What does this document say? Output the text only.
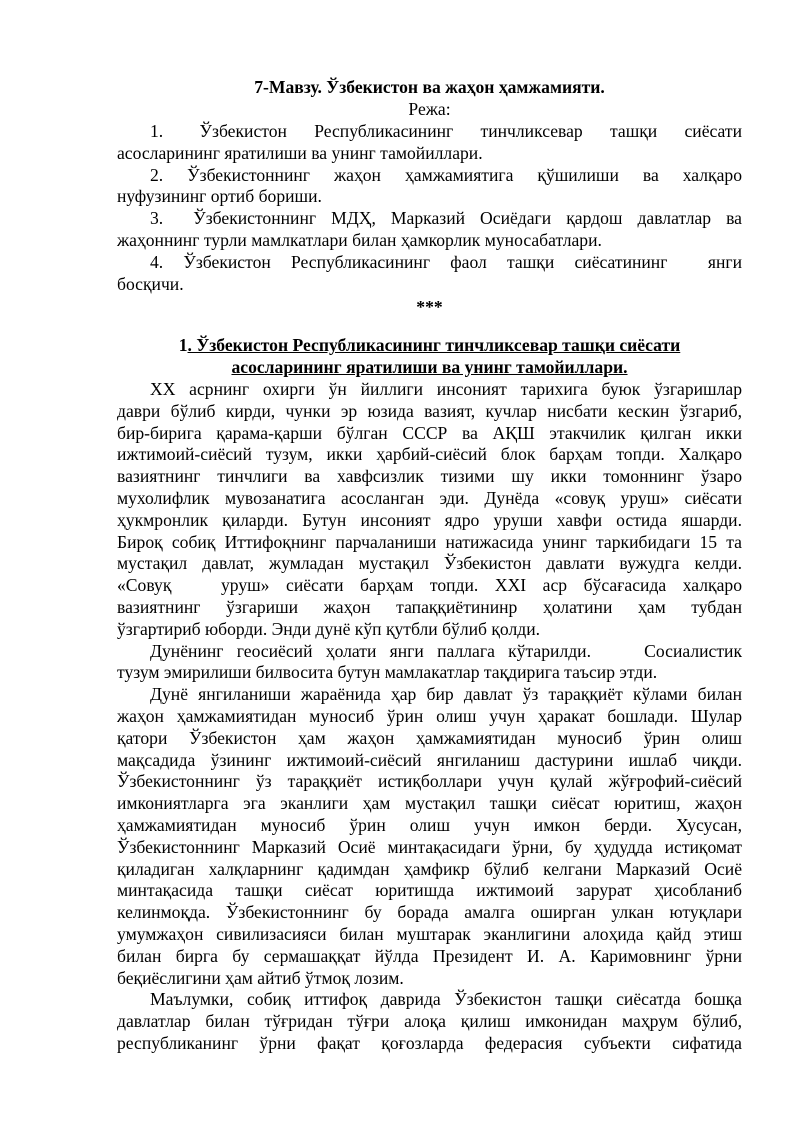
7-Мавзу. Ўзбекистон ва жаҳон ҳамжамияти.
Режа:

1.    Ўзбекистон   Республикасининг   тинчликсевар   ташқи   сиёсати

асосларининг яратилиши ва унинг тамойиллари.

2. Ўзбекистоннинг жаҳон ҳамжамиятига қўшилиши ва халқаро

нуфузининг ортиб бориши.

3.  Ўзбекистоннинг МДҲ, Марказий Осиёдаги қардош давлатлар ва

жаҳоннинг турли мамлкатлари билан ҳамкорлик муносабатлари.

4. Ўзбекистон Республикасининг фаол ташқи сиёсатининг  янги

босқичи.

***
1. Ўзбекистон Республикасининг тинчликсевар ташқи сиёсати
асосларининг яратилиши ва унинг тамойиллари.

XX асрнинг охирги ўн йиллиги инсоният тарихига буюк ўзгаришлар

даври бўлиб кирди, чунки эр юзида вазият, кучлар нисбати кескин ўзгариб,

бир-бирига қарама-қарши бўлган СССР ва АҚШ этакчилик қилган икки

ижтимоий-сиёсий тузум, икки ҳарбий-сиёсий блок барҳам топди. Халқаро

вазиятнинг тинчлиги ва хавфсизлик тизими шу икки томоннинг ўзаро

мухолифлик мувозанатига асосланган эди. Дунёда «совуқ уруш» сиёсати

ҳукмронлик қиларди. Бутун инсоният ядро уруши хавфи остида яшарди.

Бироқ собиқ Иттифоқнинг парчаланиши натижасида унинг таркибидаги 15 та

мустақил давлат, жумладан мустақил Ўзбекистон давлати вужудга келди.

«Совуқ   уруш» сиёсати барҳам топди. XXI аср бўсағасида халқаро

вазиятнинг ўзгариши жаҳон тапаққиётининр ҳолатини ҳам тубдан

ўзгартириб юборди. Энди дунё кўп қутбли бўлиб қолди.

Дунёнинг геосиёсий ҳолати янги паллага кўтарилди.    Сосиалистик

тузум эмирилиши билвосита бутун мамлакатлар тақдирига таъсир этди.

Дунё янгиланиши жараёнида ҳар бир давлат ўз тараққиёт кўлами билан

жаҳон ҳамжамиятидан муносиб ўрин олиш учун ҳаракат бошлади. Шулар

қатори Ўзбекистон ҳам жаҳон ҳамжамиятидан муносиб ўрин олиш

мақсадида ўзининг ижтимоий-сиёсий янгиланиш дастурини ишлаб чиқди.

Ўзбекистоннинг ўз тараққиёт истиқболлари учун қулай жўғрофий-сиёсий

имкониятларга эга эканлиги ҳам мустақил ташқи сиёсат юритиш, жаҳон

ҳамжамиятидан муносиб ўрин олиш учун имкон берди. Хусусан,

Ўзбекистоннинг Марказий Осиё минтақасидаги ўрни, бу ҳудудда истиқомат

қиладиган халқларнинг қадимдан ҳамфикр бўлиб келгани Марказий Осиё

минтақасида ташқи сиёсат юритишда ижтимоий зарурат ҳисобланиб

келинмоқда. Ўзбекистоннинг бу борада амалга оширган улкан ютуқлари

умумжаҳон сивилизасияси билан муштарак эканлигини алоҳида қайд этиш

билан бирга бу сермашаққат йўлда Президент И. А. Каримовнинг ўрни

беқиёслигини ҳам айтиб ўтмоқ лозим.

Маълумки, собиқ иттифоқ даврида Ўзбекистон ташқи сиёсатда бошқа

давлатлар билан тўғридан тўғри алоқа қилиш имконидан маҳрум бўлиб,

республиканинг ўрни фақат қоғозларда федерасия субъекти сифатида
